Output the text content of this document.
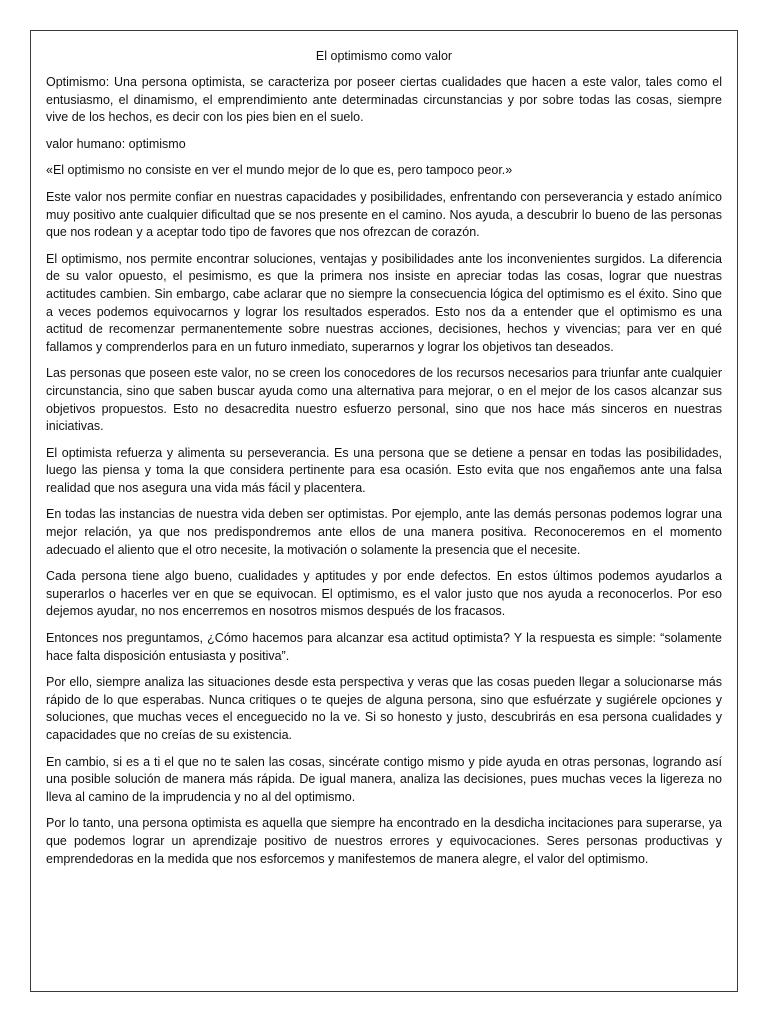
El optimismo como valor

Optimismo: Una persona optimista, se caracteriza por poseer ciertas cualidades que hacen a este valor, tales como el entusiasmo, el dinamismo, el emprendimiento ante determinadas circunstancias y por sobre todas las cosas, siempre vive de los hechos, es decir con los pies bien en el suelo.

valor humano: optimismo

«El optimismo no consiste en ver el mundo mejor de lo que es, pero tampoco peor.»

Este valor nos permite confiar en nuestras capacidades y posibilidades, enfrentando con perseverancia y estado anímico muy positivo ante cualquier dificultad que se nos presente en el camino. Nos ayuda, a descubrir lo bueno de las personas que nos rodean y a aceptar todo tipo de favores que nos ofrezcan de corazón.

El optimismo, nos permite encontrar soluciones, ventajas y posibilidades ante los inconvenientes surgidos. La diferencia de su valor opuesto, el pesimismo, es que la primera nos insiste en apreciar todas las cosas, lograr que nuestras actitudes cambien. Sin embargo, cabe aclarar que no siempre la consecuencia lógica del optimismo es el éxito. Sino que a veces podemos equivocarnos y lograr los resultados esperados. Esto nos da a entender que el optimismo es una actitud de recomenzar permanentemente sobre nuestras acciones, decisiones, hechos y vivencias; para ver en qué fallamos y comprenderlos para en un futuro inmediato, superarnos y lograr los objetivos tan deseados.

Las personas que poseen este valor, no se creen los conocedores de los recursos necesarios para triunfar ante cualquier circunstancia, sino que saben buscar ayuda como una alternativa para mejorar, o en el mejor de los casos alcanzar sus objetivos propuestos. Esto no desacredita nuestro esfuerzo personal, sino que nos hace más sinceros en nuestras iniciativas.

El optimista refuerza y alimenta su perseverancia. Es una persona que se detiene a pensar en todas las posibilidades, luego las piensa y toma la que considera pertinente para esa ocasión. Esto evita que nos engañemos ante una falsa realidad que nos asegura una vida más fácil y placentera.

En todas las instancias de nuestra vida deben ser optimistas. Por ejemplo, ante las demás personas podemos lograr una mejor relación, ya que nos predispondremos ante ellos de una manera positiva. Reconoceremos en el momento adecuado el aliento que el otro necesite, la motivación o solamente la presencia que el necesite.

Cada persona tiene algo bueno, cualidades y aptitudes y por ende defectos. En estos últimos podemos ayudarlos a superarlos o hacerles ver en que se equivocan. El optimismo, es el valor justo que nos ayuda a reconocerlos. Por eso dejemos ayudar, no nos encerremos en nosotros mismos después de los fracasos.

Entonces nos preguntamos, ¿Cómo hacemos para alcanzar esa actitud optimista? Y la respuesta es simple: “solamente hace falta disposición entusiasta y positiva”.

Por ello, siempre analiza las situaciones desde esta perspectiva y veras que las cosas pueden llegar a solucionarse más rápido de lo que esperabas. Nunca critiques o te quejes de alguna persona, sino que esfuérzate y sugiérele opciones y soluciones, que muchas veces el enceguecido no la ve. Si so honesto y justo, descubrirás en esa persona cualidades y capacidades que no creías de su existencia.

En cambio, si es a ti el que no te salen las cosas, sincérate contigo mismo y pide ayuda en otras personas, logrando así una posible solución de manera más rápida. De igual manera, analiza las decisiones, pues muchas veces la ligereza no lleva al camino de la imprudencia y no al del optimismo.

Por lo tanto, una persona optimista es aquella que siempre ha encontrado en la desdicha incitaciones para superarse, ya que podemos lograr un aprendizaje positivo de nuestros errores y equivocaciones. Seres personas productivas y emprendedoras en la medida que nos esforcemos y manifestemos de manera alegre, el valor del optimismo.
